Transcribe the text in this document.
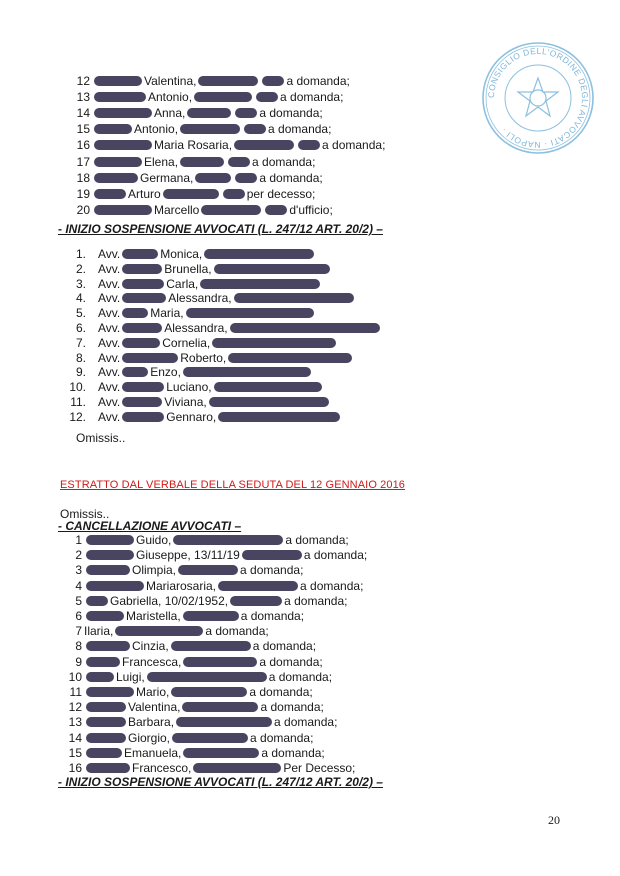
CONSIGLIO DELL'ORDINE DEGLI AVVOCATI · NAPOLI ·
12	Valentina,	a domanda;
13	Antonio,	a domanda;
14	Anna,	a domanda;
15	Antonio,	a domanda;
16	Maria Rosaria,	a domanda;
17	Elena,	a domanda;
18	Germana,	a domanda;
19	Arturo	per decesso;
20	Marcello	d'ufficio;
- INIZIO SOSPENSIONE AVVOCATI (L. 247/12 ART. 20/2) –
1. Avv.	Monica,
2. Avv.	Brunella,
3. Avv.	Carla,
4. Avv.	Alessandra,
5. Avv.	Maria,
6. Avv.	Alessandra,
7. Avv.	Cornelia,
8. Avv.	Roberto,
9. Avv.	Enzo,
10. Avv.	Luciano,
11. Avv.	Viviana,
12. Avv.	Gennaro,
Omissis..
ESTRATTO DAL VERBALE DELLA SEDUTA DEL 12 GENNAIO 2016
Omissis..
- CANCELLAZIONE AVVOCATI –
1	Guido,	a domanda;
2	Giuseppe, 13/11/19	a domanda;
3	Olimpia,	a domanda;
4	Mariarosaria,	a domanda;
5 Gabriella, 10/02/1952,	a domanda;
6	Maristella,	a domanda;
7 Ilaria,	a domanda;
8	Cinzia,	a domanda;
9	Francesca,	a domanda;
10	Luigi,	a domanda;
11	Mario,	a domanda;
12	Valentina,	a domanda;
13	Barbara,	a domanda;
14	Giorgio,	a domanda;
15	Emanuela,	a domanda;
16	Francesco,	Per Decesso;
- INIZIO SOSPENSIONE AVVOCATI (L. 247/12 ART. 20/2) –
20
